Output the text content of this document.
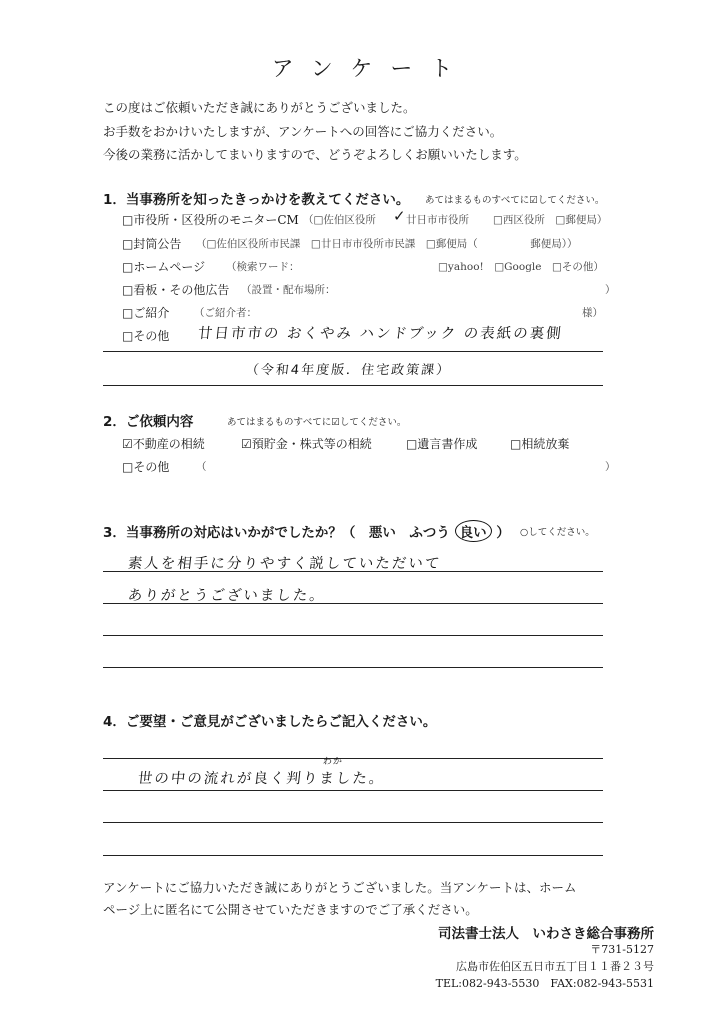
アンケート
この度はご依頼いただき誠にありがとうございました。
お手数をおかけいたしますが、アンケートへの回答にご協力ください。
今後の業務に活かしてまいりますので、どうぞよろしくお願いいたします。
1．当事務所を知ったきっかけを教えてください。 あてはまるものすべてに☑してください。
□市役所・区役所のモニターCM （□佐伯区役所 ✓ 廿日市市役所 □西区役所　□郵便局）
□封筒公告 （□佐伯区役所市民課　□廿日市市役所市民課　□郵便局（　　　　　郵便局））
□ホームページ （検索ワード：	□yahoo!　□Google　□その他）
□看板・その他広告 （設置・配布場所：	）
□ご紹介 （ご紹介者：	様）
□その他 廿日市市の おくやみ ハンドブック の表紙の裏側
（令和4年度版．住宅政策課）
2．ご依頼内容	あてはまるものすべてに☑してください。
☑不動産の相続	☑預貯金・株式等の相続	□遺言書作成	□相続放棄
□その他	（	）
3．当事務所の対応はいかがでしたか？（　悪い　ふつう 良い ） ○してください。
素人を相手に分りやすく説していただいて
ありがとうございました。
4．ご要望・ご意見がございましたらご記入ください。
わか
世の中の流れが良く判りました。
アンケートにご協力いただき誠にありがとうございました。当アンケートは、ホーム
ページ上に匿名にて公開させていただきますのでご了承ください。
司法書士法人　いわさき総合事務所
〒731-5127
広島市佐伯区五日市五丁目１１番２３号
TEL:082-943-5530　FAX:082-943-5531
